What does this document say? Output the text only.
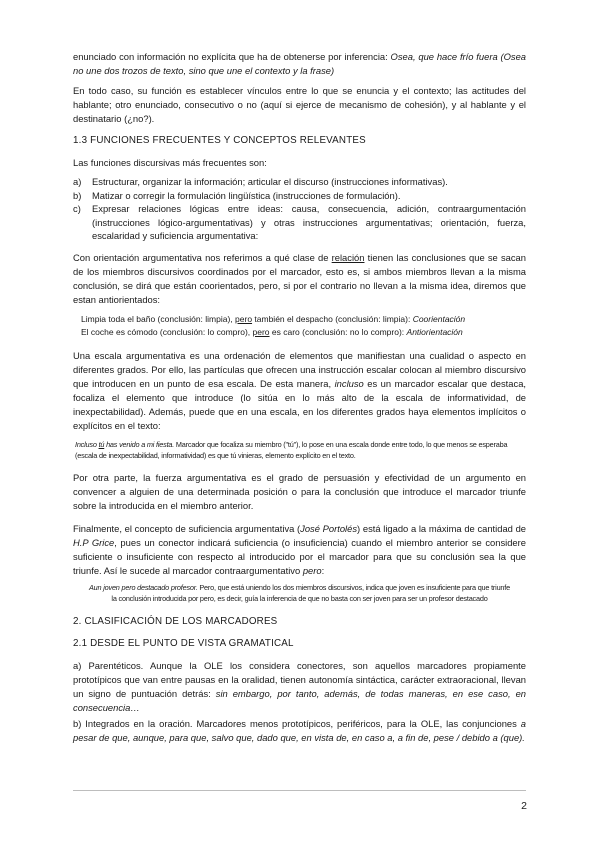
enunciado con información no explícita que ha de obtenerse por inferencia: Osea, que hace frío fuera (Osea no une dos trozos de texto, sino que une el contexto y la frase)

En todo caso, su función es establecer vínculos entre lo que se enuncia y el contexto; las actitudes del hablante; otro enunciado, consecutivo o no (aquí si ejerce de mecanismo de cohesión), y al hablante y el destinatario (¿no?).

1.3 FUNCIONES FRECUENTES Y CONCEPTOS RELEVANTES

Las funciones discursivas más frecuentes son:

a)	Estructurar, organizar la información; articular el discurso (instrucciones informativas).
b)	Matizar o corregir la formulación lingüística (instrucciones de formulación).
c)	Expresar relaciones lógicas entre ideas: causa, consecuencia, adición, contraargumentación (instrucciones lógico-argumentativas) y otras instrucciones argumentativas; orientación, fuerza, escalaridad y suficiencia argumentativa:

Con orientación argumentativa nos referimos a qué clase de relación tienen las conclusiones que se sacan de los miembros discursivos coordinados por el marcador, esto es, si ambos miembros llevan a la misma conclusión, se dirá que están coorientados, pero, si por el contrario no llevan a la misma idea, diremos que estan antiorientados:

Limpia toda el baño (conclusión: limpia), pero también el despacho (conclusión: limpia): Coorientación
El coche es cómodo (conclusión: lo compro), pero es caro (conclusión: no lo compro): Antiorientación

Una escala argumentativa es una ordenación de elementos que manifiestan una cualidad o aspecto en diferentes grados. Por ello, las partículas que ofrecen una instrucción escalar colocan al miembro discursivo que introducen en un punto de esa escala. De esta manera, incluso es un marcador escalar que destaca, focaliza el elemento que introduce (lo sitúa en lo más alto de la escala de informatividad, de inexpectabilidad). Además, puede que en una escala, en los diferentes grados haya elementos implícitos o explícitos en el texto:

Incluso tú has venido a mi fiesta. Marcador que focaliza su miembro ("tú"), lo pose en una escala donde entre todo, lo que menos se esperaba (escala de inexpectabilidad, informatividad) es que tú vinieras, elemento explícito en el texto.

Por otra parte, la fuerza argumentativa es el grado de persuasión y efectividad de un argumento en convencer a alguien de una determinada posición o para la conclusión que introduce el marcador triunfe sobre la introducida en el miembro anterior.

Finalmente, el concepto de suficiencia argumentativa (José Portolés) está ligado a la máxima de cantidad de H.P Grice, pues un conector indicará suficiencia (o insuficiencia) cuando el miembro anterior se considere suficiente o insuficiente con respecto al introducido por el marcador para que su conclusión sea la que triunfe. Así le sucede al marcador contraargumentativo pero:

Aun joven pero destacado profesor. Pero, que está uniendo los dos miembros discursivos, indica que joven es insuficiente para que triunfe la conclusión introducida por pero, es decir, guía la inferencia de que no basta con ser joven para ser un profesor destacado

2. CLASIFICACIÓN DE LOS MARCADORES

2.1 DESDE EL PUNTO DE VISTA GRAMATICAL

a) Parentéticos. Aunque la OLE los considera conectores, son aquellos marcadores propiamente prototípicos que van entre pausas en la oralidad, tienen autonomía sintáctica, carácter extraoracional, llevan un signo de puntuación detrás: sin embargo, por tanto, además, de todas maneras, en ese caso, en consecuencia…

b) Integrados en la oración. Marcadores menos prototípicos, periféricos, para la OLE, las conjunciones a pesar de que, aunque, para que, salvo que, dado que, en vista de, en caso a, a fin de, pese / debido a (que).

2
